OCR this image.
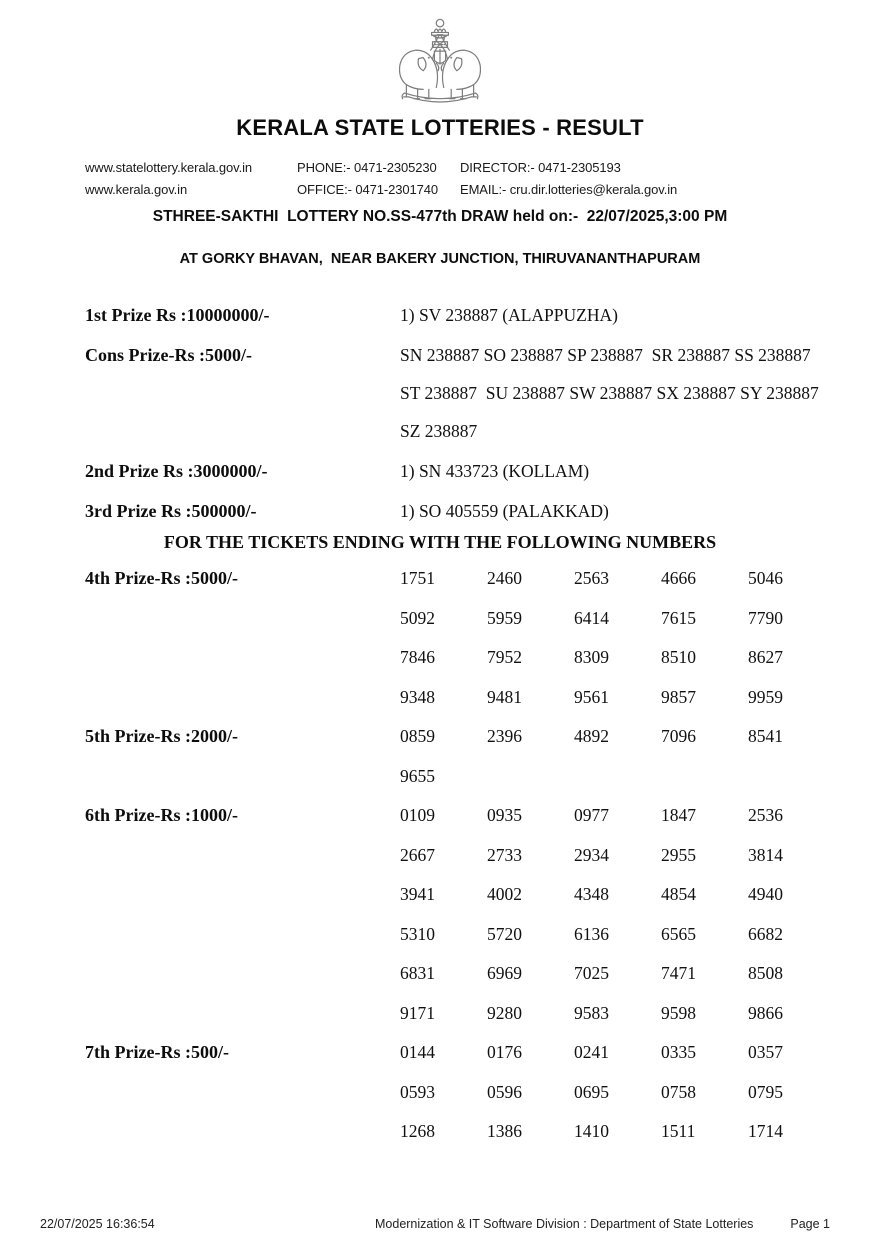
KERALA STATE LOTTERIES - RESULT
www.statelottery.kerala.gov.in
www.kerala.gov.in
PHONE:- 0471-2305230
OFFICE:- 0471-2301740
DIRECTOR:- 0471-2305193
EMAIL:- cru.dir.lotteries@kerala.gov.in
STHREE-SAKTHI  LOTTERY NO.SS-477th DRAW held on:-  22/07/2025,3:00 PM
AT GORKY BHAVAN,  NEAR BAKERY JUNCTION, THIRUVANANTHAPURAM
1st Prize Rs :10000000/-	1) SV 238887 (ALAPPUZHA)
Cons Prize-Rs :5000/-	SN 238887 SO 238887 SP 238887  SR 238887 SS 238887
ST 238887  SU 238887 SW 238887 SX 238887 SY 238887
SZ 238887
2nd Prize Rs :3000000/-	1) SN 433723 (KOLLAM)
3rd Prize Rs :500000/-	1) SO 405559 (PALAKKAD)
FOR THE TICKETS ENDING WITH THE FOLLOWING NUMBERS
4th Prize-Rs :5000/-	1751	2460	2563	4666	5046
5092	5959	6414	7615	7790
7846	7952	8309	8510	8627
9348	9481	9561	9857	9959
5th Prize-Rs :2000/-	0859	2396	4892	7096	8541
9655
6th Prize-Rs :1000/-	0109	0935	0977	1847	2536
2667	2733	2934	2955	3814
3941	4002	4348	4854	4940
5310	5720	6136	6565	6682
6831	6969	7025	7471	8508
9171	9280	9583	9598	9866
7th Prize-Rs :500/-	0144	0176	0241	0335	0357
0593	0596	0695	0758	0795
1268	1386	1410	1511	1714
22/07/2025 16:36:54	Modernization & IT Software Division : Department of State Lotteries	Page 1
